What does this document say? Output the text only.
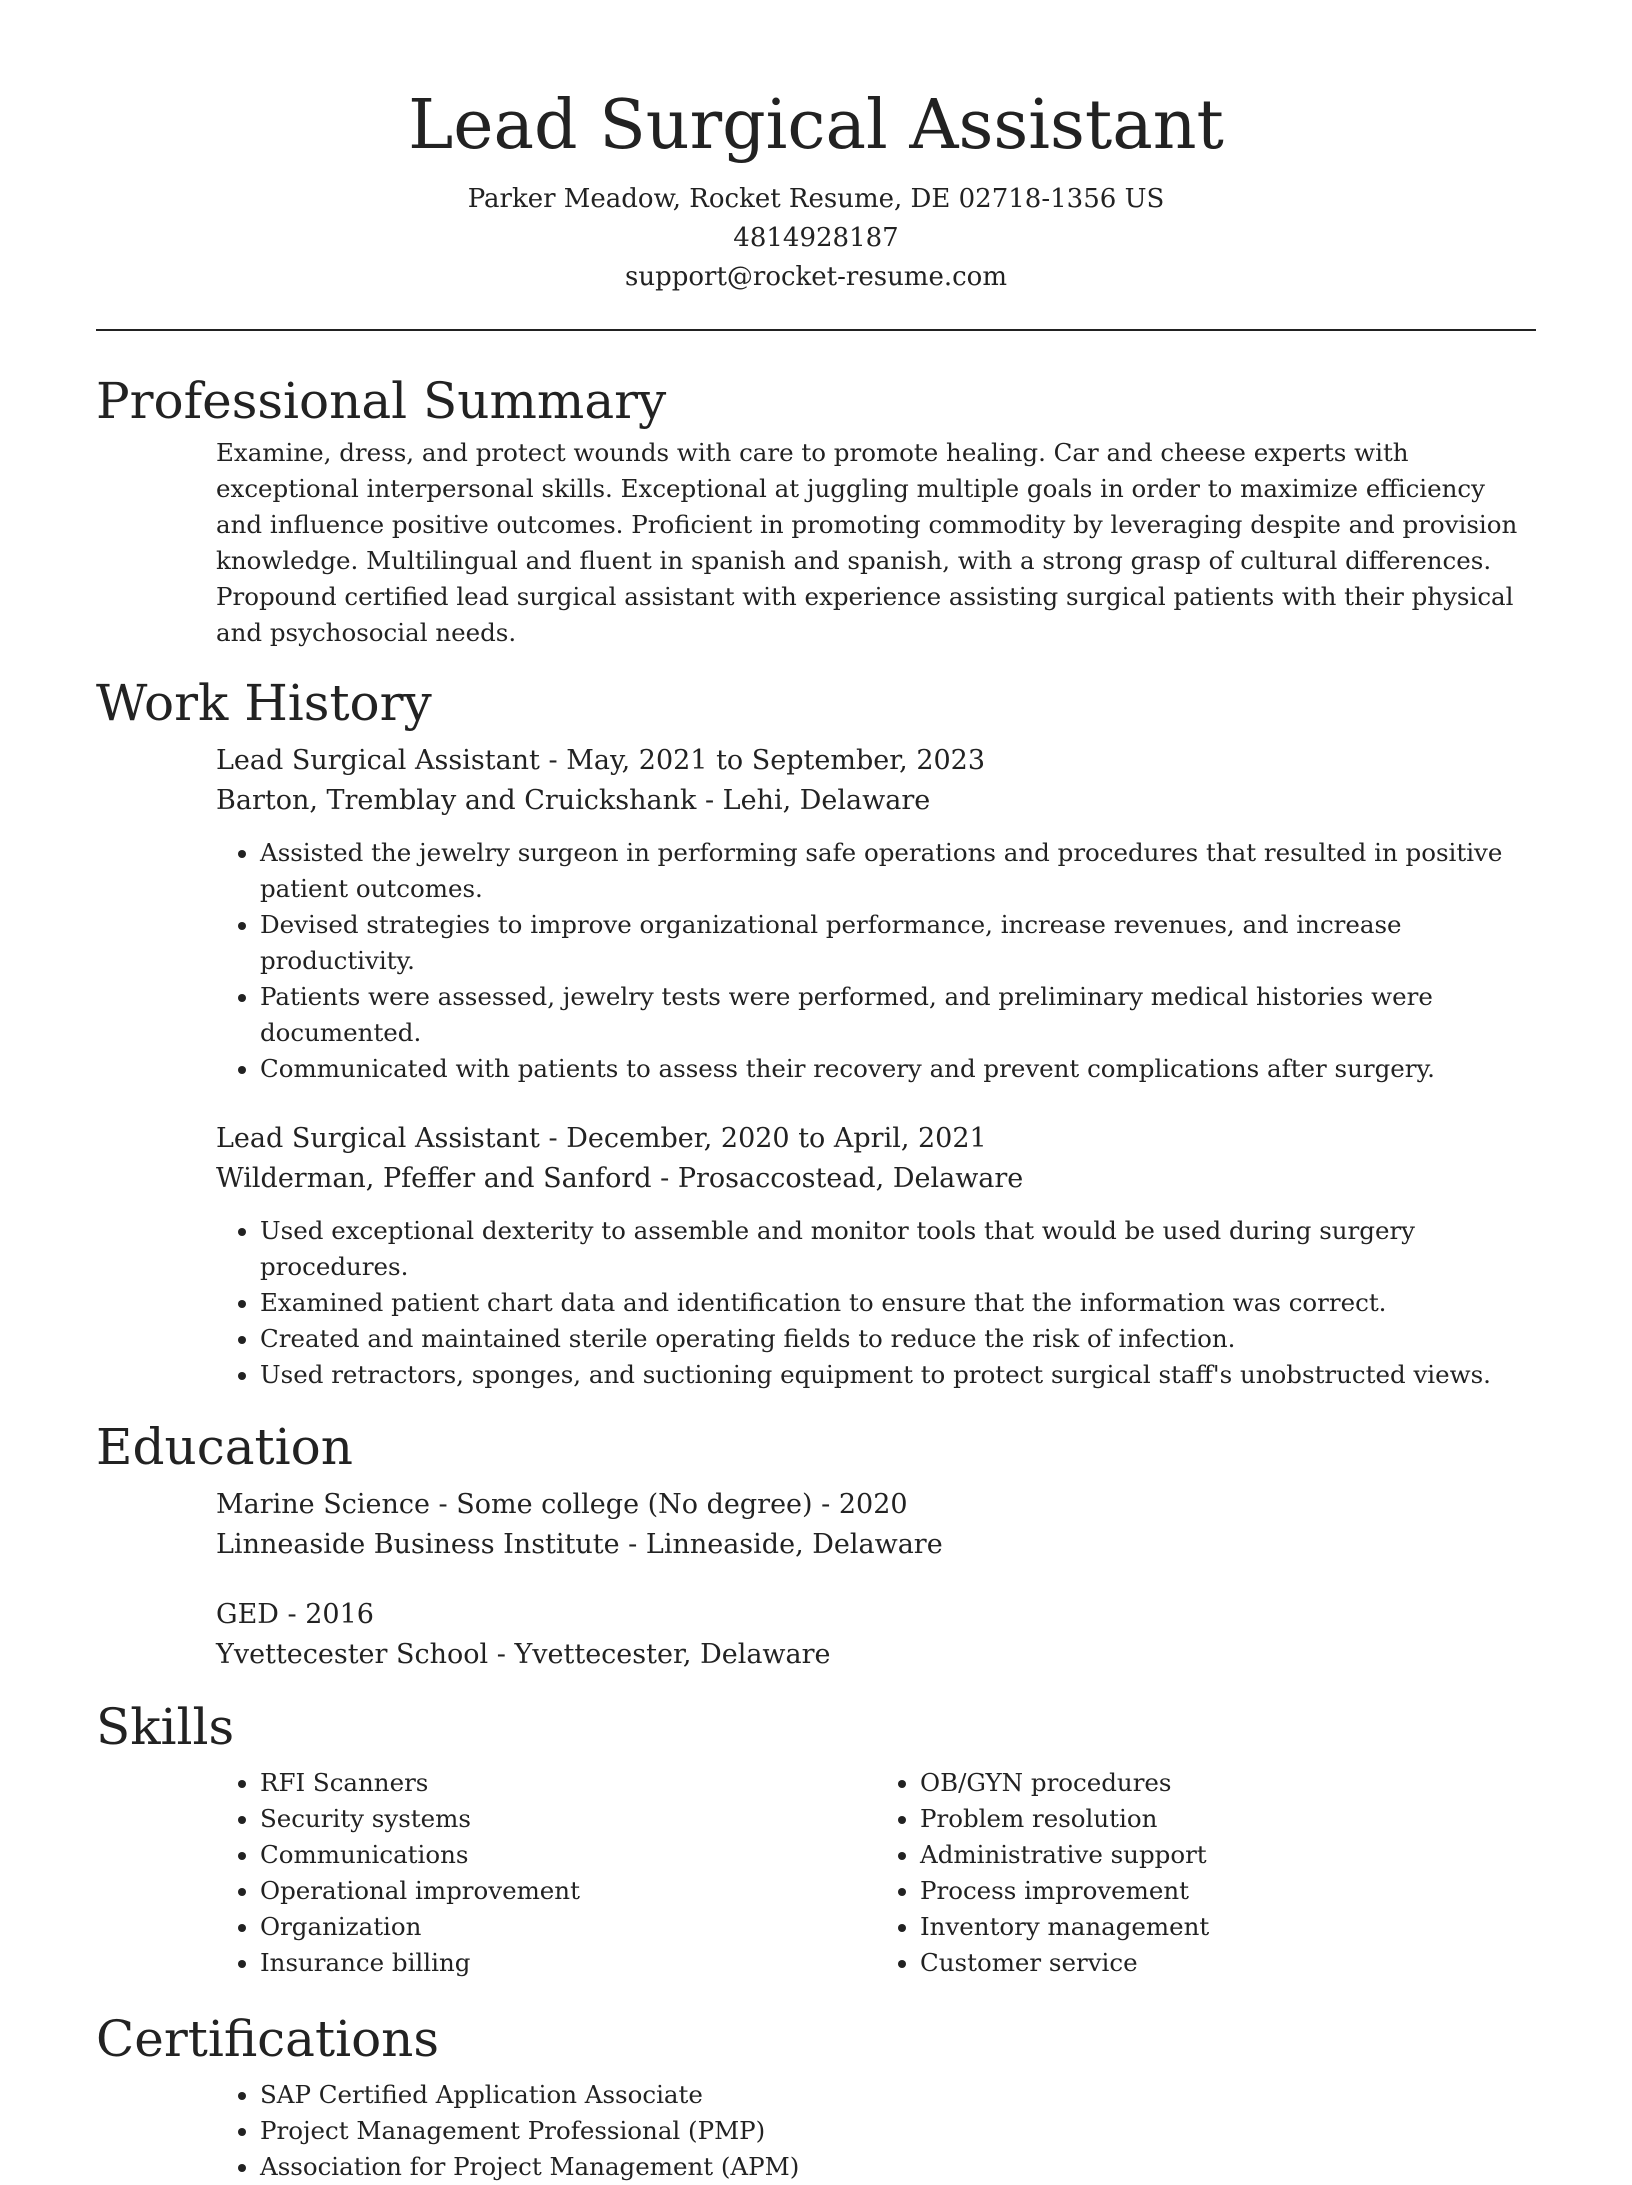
Lead Surgical Assistant
Parker Meadow, Rocket Resume, DE 02718-1356 US
4814928187
support@rocket-resume.com
Professional Summary

Examine, dress, and protect wounds with care to promote healing. Car and cheese experts with exceptional interpersonal skills. Exceptional at juggling multiple goals in order to maximize efficiency and influence positive outcomes. Proficient in promoting commodity by leveraging despite and provision knowledge. Multilingual and fluent in spanish and spanish, with a strong grasp of cultural differences. Propound certified lead surgical assistant with experience assisting surgical patients with their physical and psychosocial needs.

Work History
Lead Surgical Assistant - May, 2021 to September, 2023
Barton, Tremblay and Cruickshank - Lehi, Delaware
• Assisted the jewelry surgeon in performing safe operations and procedures that resulted in positive patient outcomes.
• Devised strategies to improve organizational performance, increase revenues, and increase productivity.
• Patients were assessed, jewelry tests were performed, and preliminary medical histories were documented.
• Communicated with patients to assess their recovery and prevent complications after surgery.
Lead Surgical Assistant - December, 2020 to April, 2021
Wilderman, Pfeffer and Sanford - Prosaccostead, Delaware
• Used exceptional dexterity to assemble and monitor tools that would be used during surgery procedures.
• Examined patient chart data and identification to ensure that the information was correct.
• Created and maintained sterile operating fields to reduce the risk of infection.
• Used retractors, sponges, and suctioning equipment to protect surgical staff's unobstructed views.
Education
Marine Science - Some college (No degree) - 2020
Linneaside Business Institute - Linneaside, Delaware
GED - 2016
Yvettecester School - Yvettecester, Delaware
Skills
• RFI Scanners
• Security systems
• Communications
• Operational improvement
• Organization
• Insurance billing
• OB/GYN procedures
• Problem resolution
• Administrative support
• Process improvement
• Inventory management
• Customer service
Certifications
• SAP Certified Application Associate
• Project Management Professional (PMP)
• Association for Project Management (APM)
